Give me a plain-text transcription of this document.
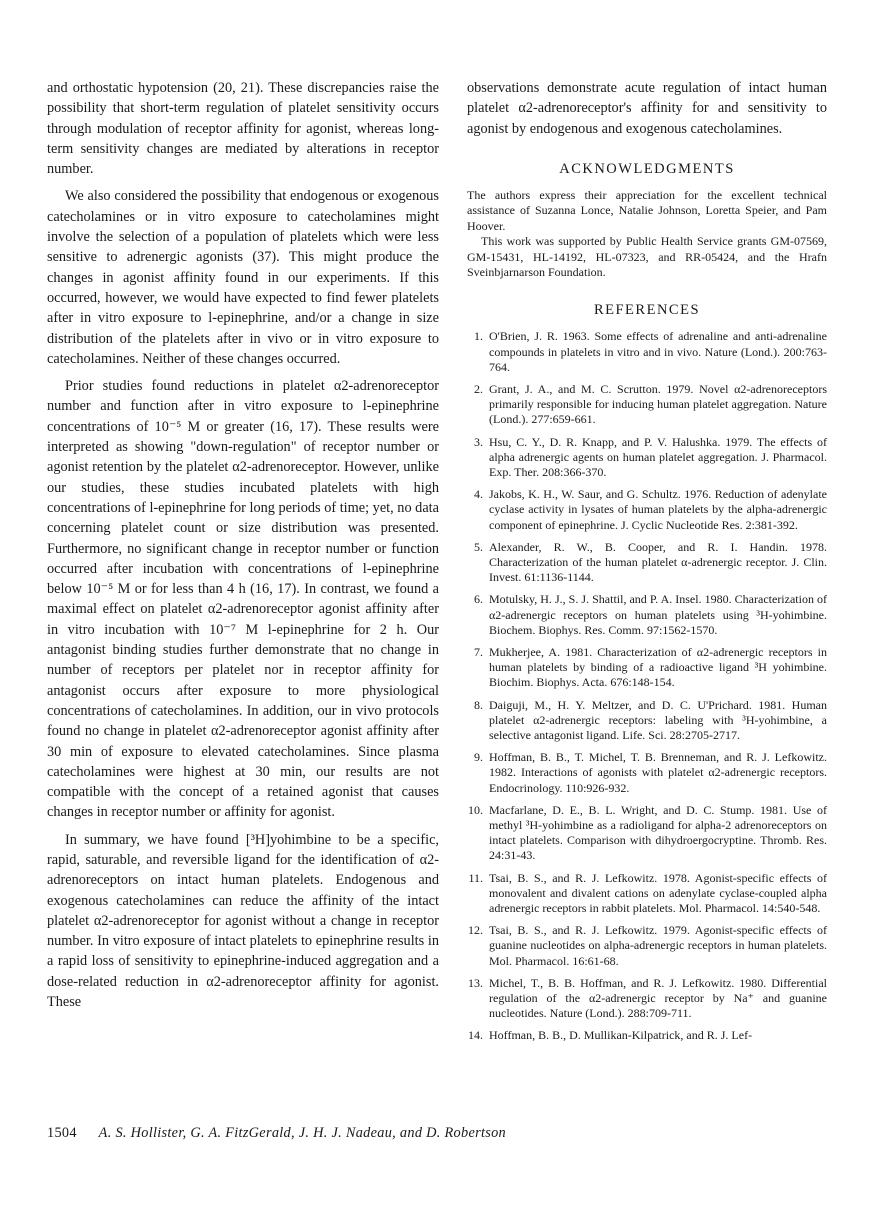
and orthostatic hypotension (20, 21). These discrepancies raise the possibility that short-term regulation of platelet sensitivity occurs through modulation of receptor affinity for agonist, whereas long-term sensitivity changes are mediated by alterations in receptor number.

We also considered the possibility that endogenous or exogenous catecholamines or in vitro exposure to catecholamines might involve the selection of a population of platelets which were less sensitive to adrenergic agonists (37). This might produce the changes in agonist affinity found in our experiments. If this occurred, however, we would have expected to find fewer platelets after in vitro exposure to l-epinephrine, and/or a change in size distribution of the platelets after in vivo or in vitro exposure to catecholamines. Neither of these changes occurred.

Prior studies found reductions in platelet α2-adrenoreceptor number and function after in vitro exposure to l-epinephrine concentrations of 10⁻⁵ M or greater (16, 17). These results were interpreted as showing "down-regulation" of receptor number or agonist retention by the platelet α2-adrenoreceptor. However, unlike our studies, these studies incubated platelets with high concentrations of l-epinephrine for long periods of time; yet, no data concerning platelet count or size distribution was presented. Furthermore, no significant change in receptor number or function occurred after incubation with concentrations of l-epinephrine below 10⁻⁵ M or for less than 4 h (16, 17). In contrast, we found a maximal effect on platelet α2-adrenoreceptor agonist affinity after in vitro incubation with 10⁻⁷ M l-epinephrine for 2 h. Our antagonist binding studies further demonstrate that no change in number of receptors per platelet nor in receptor affinity for antagonist occurs after exposure to more physiological concentrations of catecholamines. In addition, our in vivo protocols found no change in platelet α2-adrenoreceptor agonist affinity after 30 min of exposure to elevated catecholamines. Since plasma catecholamines were highest at 30 min, our results are not compatible with the concept of a retained agonist that causes changes in receptor number or affinity for agonist.

In summary, we have found [³H]yohimbine to be a specific, rapid, saturable, and reversible ligand for the identification of α2-adrenoreceptors on intact human platelets. Endogenous and exogenous catecholamines can reduce the affinity of the intact platelet α2-adrenoreceptor for agonist without a change in receptor number. In vitro exposure of intact platelets to epinephrine results in a rapid loss of sensitivity to epinephrine-induced aggregation and a dose-related reduction in α2-adrenoreceptor affinity for agonist. These

observations demonstrate acute regulation of intact human platelet α2-adrenoreceptor's affinity for and sensitivity to agonist by endogenous and exogenous catecholamines.

ACKNOWLEDGMENTS

The authors express their appreciation for the excellent technical assistance of Suzanna Lonce, Natalie Johnson, Loretta Speier, and Pam Hoover.

This work was supported by Public Health Service grants GM-07569, GM-15431, HL-14192, HL-07323, and RR-05424, and the Hrafn Sveinbjarnarson Foundation.

REFERENCES
1. O'Brien, J. R. 1963. Some effects of adrenaline and anti-adrenaline compounds in platelets in vitro and in vivo. Nature (Lond.). 200:763-764.
2. Grant, J. A., and M. C. Scrutton. 1979. Novel α2-adrenoreceptors primarily responsible for inducing human platelet aggregation. Nature (Lond.). 277:659-661.
3. Hsu, C. Y., D. R. Knapp, and P. V. Halushka. 1979. The effects of alpha adrenergic agents on human platelet aggregation. J. Pharmacol. Exp. Ther. 208:366-370.
4. Jakobs, K. H., W. Saur, and G. Schultz. 1976. Reduction of adenylate cyclase activity in lysates of human platelets by the alpha-adrenergic component of epinephrine. J. Cyclic Nucleotide Res. 2:381-392.
5. Alexander, R. W., B. Cooper, and R. I. Handin. 1978. Characterization of the human platelet α-adrenergic receptor. J. Clin. Invest. 61:1136-1144.
6. Motulsky, H. J., S. J. Shattil, and P. A. Insel. 1980. Characterization of α2-adrenergic receptors on human platelets using ³H-yohimbine. Biochem. Biophys. Res. Comm. 97:1562-1570.
7. Mukherjee, A. 1981. Characterization of α2-adrenergic receptors in human platelets by binding of a radioactive ligand ³H yohimbine. Biochim. Biophys. Acta. 676:148-154.
8. Daiguji, M., H. Y. Meltzer, and D. C. U'Prichard. 1981. Human platelet α2-adrenergic receptors: labeling with ³H-yohimbine, a selective antagonist ligand. Life. Sci. 28:2705-2717.
9. Hoffman, B. B., T. Michel, T. B. Brenneman, and R. J. Lefkowitz. 1982. Interactions of agonists with platelet α2-adrenergic receptors. Endocrinology. 110:926-932.
10. Macfarlane, D. E., B. L. Wright, and D. C. Stump. 1981. Use of methyl ³H-yohimbine as a radioligand for alpha-2 adrenoreceptors on intact platelets. Comparison with dihydroergocryptine. Thromb. Res. 24:31-43.
11. Tsai, B. S., and R. J. Lefkowitz. 1978. Agonist-specific effects of monovalent and divalent cations on adenylate cyclase-coupled alpha adrenergic receptors in rabbit platelets. Mol. Pharmacol. 14:540-548.
12. Tsai, B. S., and R. J. Lefkowitz. 1979. Agonist-specific effects of guanine nucleotides on alpha-adrenergic receptors in human platelets. Mol. Pharmacol. 16:61-68.
13. Michel, T., B. B. Hoffman, and R. J. Lefkowitz. 1980. Differential regulation of the α2-adrenergic receptor by Na⁺ and guanine nucleotides. Nature (Lond.). 288:709-711.
14. Hoffman, B. B., D. Mullikan-Kilpatrick, and R. J. Lef-
1504 A. S. Hollister, G. A. FitzGerald, J. H. J. Nadeau, and D. Robertson
